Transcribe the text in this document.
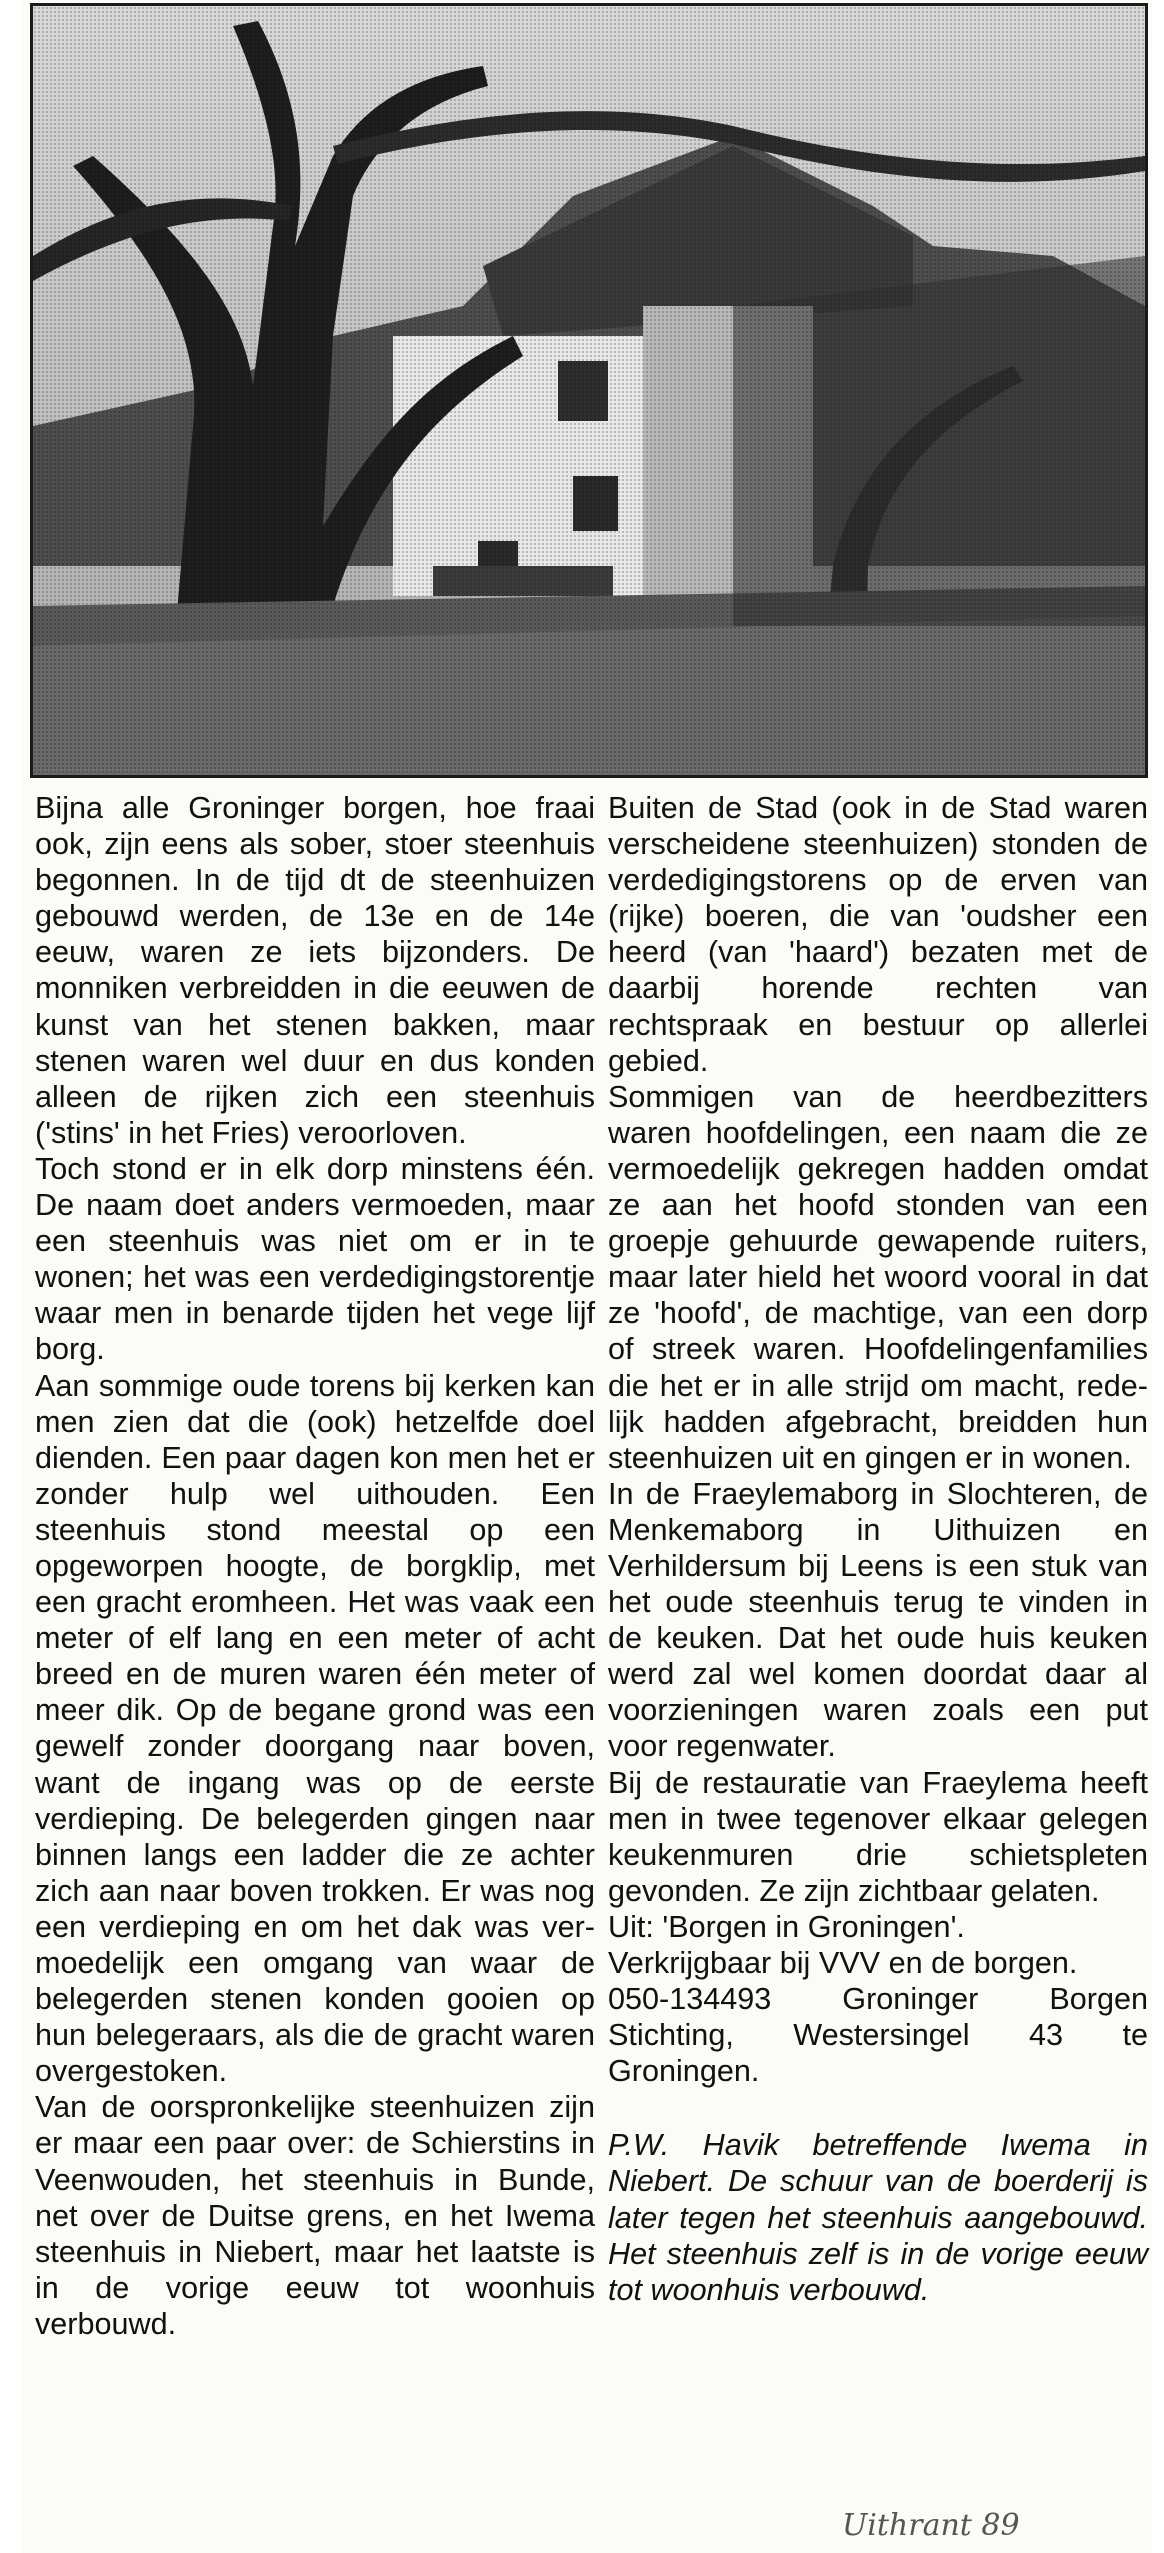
Bijna alle Groninger borgen, hoe fraai ook, zijn eens als sober, stoer steenhuis begonnen. In de tijd dt de steenhuizen gebouwd werden, de 13e en de 14e eeuw, waren ze iets bijzonders. De monniken verbreidden in die eeuwen de kunst van het stenen bakken, maar stenen waren wel duur en dus konden alleen de rijken zich een steenhuis ('stins' in het Fries) veroorloven.

Toch stond er in elk dorp minstens één. De naam doet anders vermoeden, maar een steenhuis was niet om er in te wonen; het was een verdedigingstorentje waar men in benarde tijden het vege lijf borg.

Aan sommige oude torens bij kerken kan men zien dat die (ook) hetzelfde doel dienden. Een paar dagen kon men het er zonder hulp wel uithouden. Een steenhuis stond meestal op een opgeworpen hoogte, de borgklip, met een gracht eromheen. Het was vaak een meter of elf lang en een meter of acht breed en de muren waren één meter of meer dik. Op de begane grond was een gewelf zonder doorgang naar boven, want de ingang was op de eerste verdieping. De belegerden gingen naar binnen langs een ladder die ze achter zich aan naar boven trokken. Er was nog een verdieping en om het dak was vermoedelijk een omgang van waar de belegerden stenen konden gooien op hun belegeraars, als die de gracht waren overgestoken.

Van de oorspronkelijke steenhuizen zijn er maar een paar over: de Schierstins in Veenwouden, het steenhuis in Bunde, net over de Duitse grens, en het Iwema steenhuis in Niebert, maar het laatste is in de vorige eeuw tot woonhuis verbouwd.

Buiten de Stad (ook in de Stad waren verscheidene steenhuizen) stonden de verdedigingstorens op de erven van (rijke) boeren, die van 'oudsher een heerd (van 'haard') bezaten met de daarbij horende rechten van rechtspraak en bestuur op allerlei gebied.

Sommigen van de heerdbezitters waren hoofdelingen, een naam die ze vermoedelijk gekregen hadden omdat ze aan het hoofd stonden van een groepje gehuurde gewapende ruiters, maar later hield het woord vooral in dat ze 'hoofd', de machtige, van een dorp of streek waren. Hoofdelingenfamilies die het er in alle strijd om macht, redelijk hadden afgebracht, breidden hun steenhuizen uit en gingen er in wonen.

In de Fraeylemaborg in Slochteren, de Menkemaborg in Uithuizen en Verhildersum bij Leens is een stuk van het oude steenhuis terug te vinden in de keuken. Dat het oude huis keuken werd zal wel komen doordat daar al voorzieningen waren zoals een put voor regenwater.

Bij de restauratie van Fraeylema heeft men in twee tegenover elkaar gelegen keukenmuren drie schietspleten gevonden. Ze zijn zichtbaar gelaten.

Uit: 'Borgen in Groningen'.

Verkrijgbaar bij VVV en de borgen.

050-134493 Groninger Borgen Stichting, Westersingel 43 te Groningen.

P.W. Havik betreffende Iwema in Niebert. De schuur van de boerderij is later tegen het steenhuis aangebouwd. Het steenhuis zelf is in de vorige eeuw tot woonhuis verbouwd.

Uithrant 89
